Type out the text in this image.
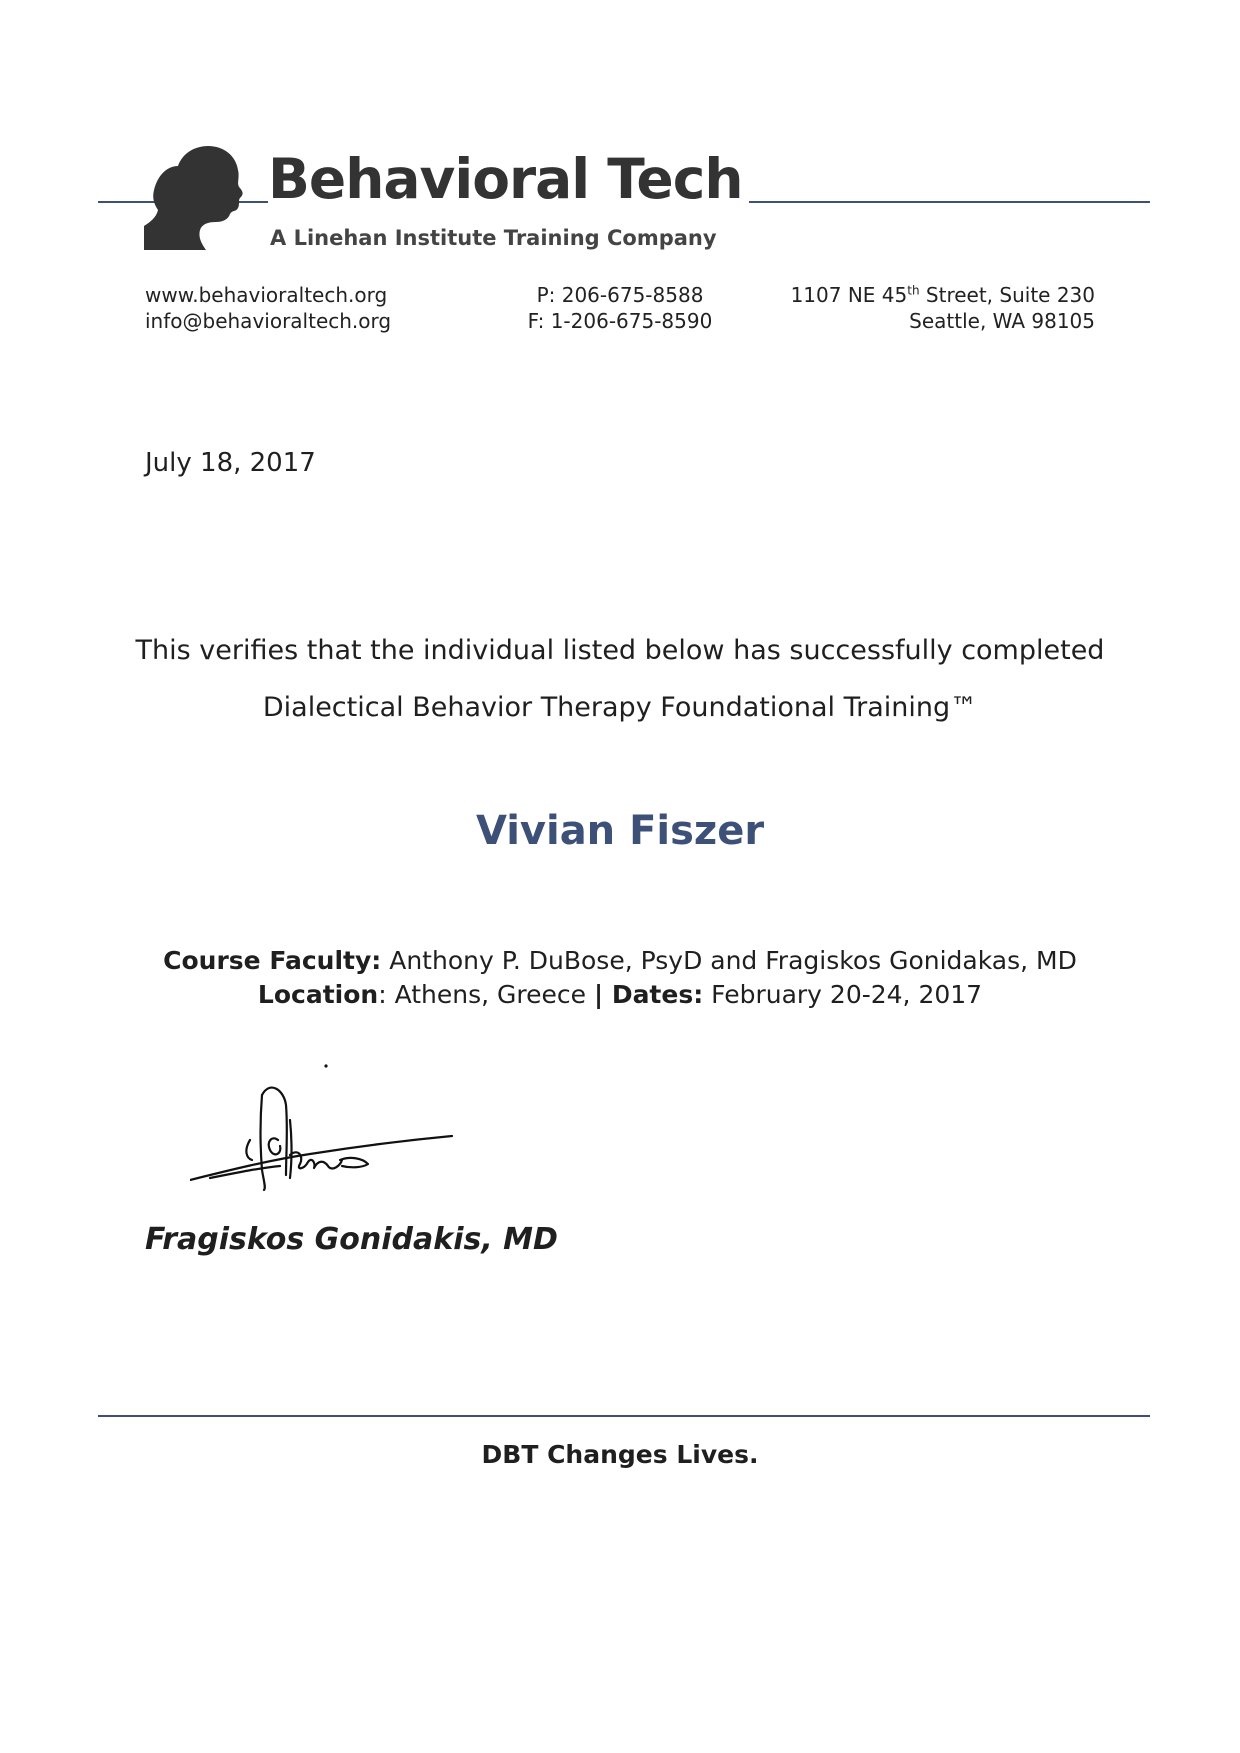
Behavioral Tech
A Linehan Institute Training Company
www.behavioraltech.org
info@behavioraltech.org
P: 206-675-8588
F: 1-206-675-8590
1107 NE 45th Street, Suite 230
Seattle, WA 98105
July 18, 2017
This verifies that the individual listed below has successfully completed
Dialectical Behavior Therapy Foundational Training™
Vivian Fiszer
Course Faculty: Anthony P. DuBose, PsyD and Fragiskos Gonidakas, MD
Location: Athens, Greece | Dates: February 20-24, 2017
Fragiskos Gonidakis, MD
DBT Changes Lives.
